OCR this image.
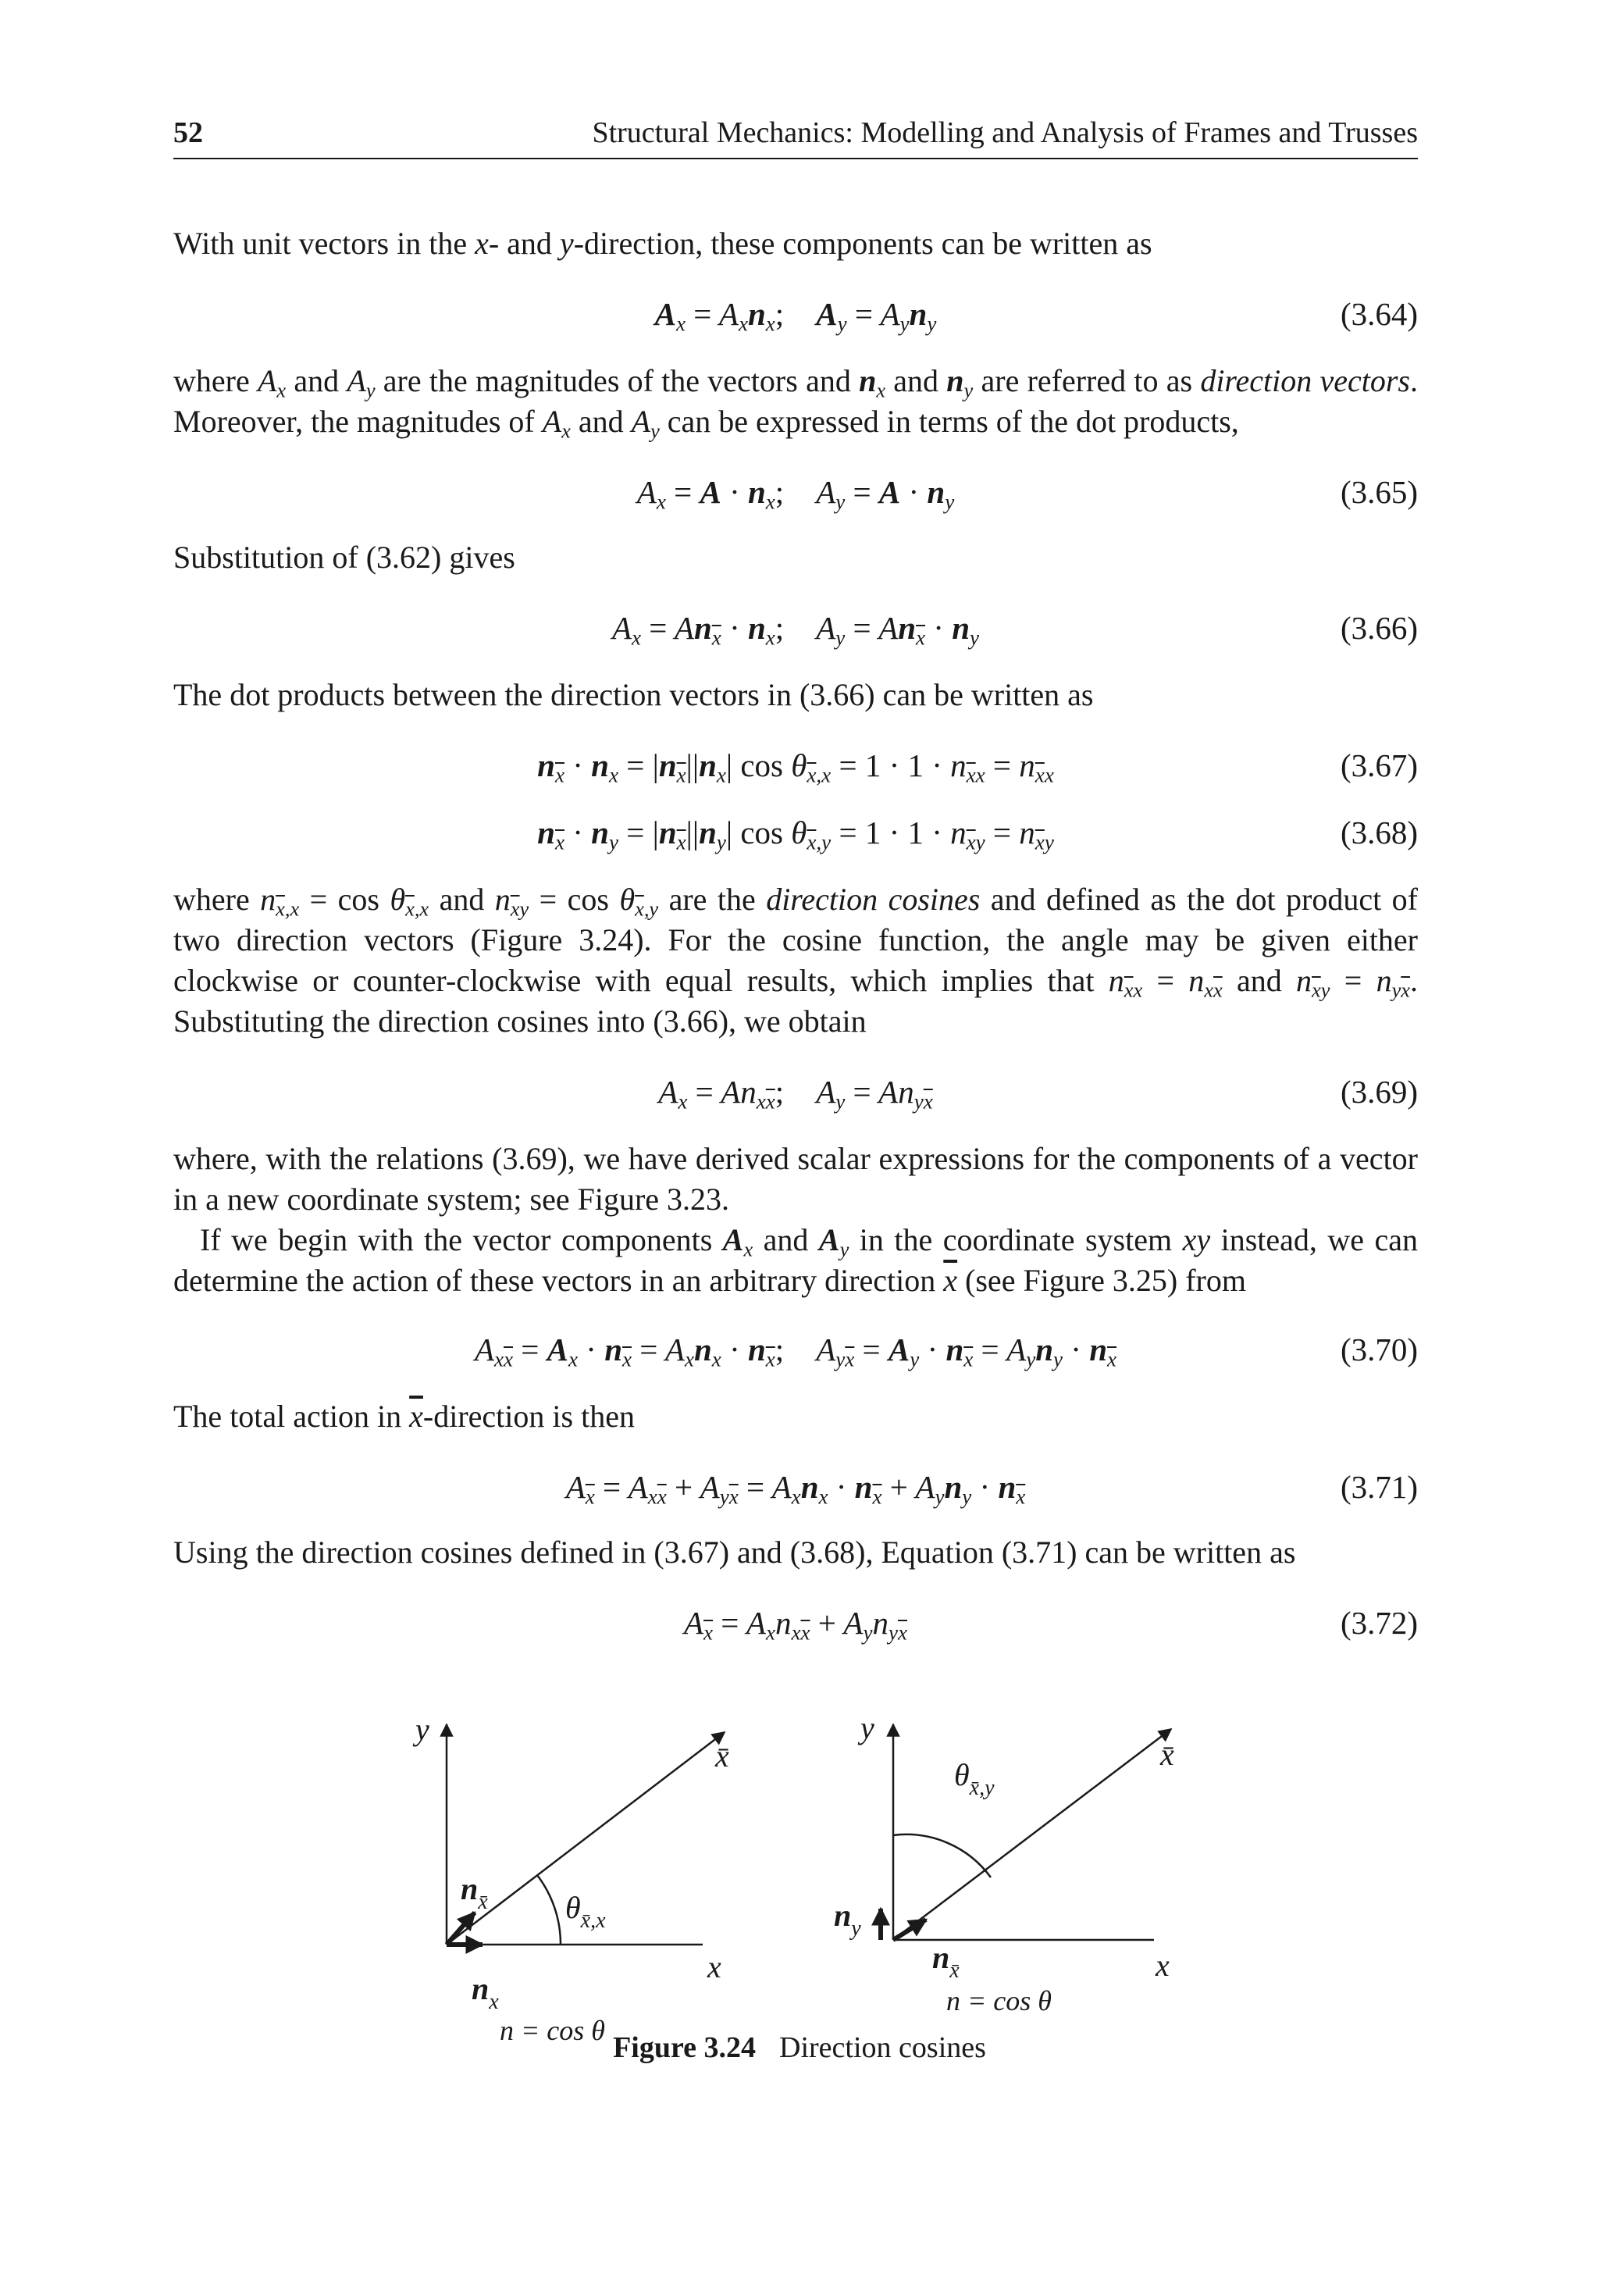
52	Structural Mechanics: Modelling and Analysis of Frames and Trusses

With unit vectors in the x- and y-direction, these components can be written as

$A_x = A_xn_x$; $A_y = A_yn_y$	(3.64)

where $A_x$ and $A_y$ are the magnitudes of the vectors and $n_x$ and $n_y$ are referred to as direction vectors. Moreover, the magnitudes of $A_x$ and $A_y$ can be expressed in terms of the dot products,

$A_x = A \cdot n_x$;    $A_y = A \cdot n_y$	(3.65)

Substitution of (3.62) gives

$A_x = An_{\overline{x}} \cdot n_x$;    $A_y = An_{\overline{x}} \cdot n_y$	(3.66)

The dot products between the direction vectors in (3.66) can be written as

$n_{\overline{x}} \cdot n_x = |n_{\overline{x}}||n_x|$ $\cos \theta_{\overline{x},x} = 1 \cdot 1 \cdot n_{\overline{x}x} = n_{\overline{x}x}$	(3.67)
$n_{\overline{x}} \cdot n_y = |n_{\overline{x}}||n_y|$ $\cos \theta_{\overline{x},y} = 1 \cdot 1 \cdot n_{\overline{x}y} = n_{\overline{x}y}$	(3.68)

where $n_{\overline{x},x} = \cos \theta_{\overline{x},x}$ and $n_{\overline{x}y} = \cos \theta_{\overline{x},y}$ are the direction cosines and defined as the dot product of two direction vectors (Figure 3.24). For the cosine function, the angle may be given either clockwise or counter-clockwise with equal results, which implies that $n_{\overline{x}x} = n_{x\overline{x}}$ and $n_{\overline{x}y} = n_{y\overline{x}}$. Substituting the direction cosines into (3.66), we obtain

$A_x = An_{x\overline{x}}$;    $A_y = An_{y\overline{x}}$	(3.69)

where, with the relations (3.69), we have derived scalar expressions for the components of a vector in a new coordinate system; see Figure 3.23.

If we begin with the vector components $A_x$ and $A_y$ in the coordinate system xy instead, we can determine the action of these vectors in an arbitrary direction $\overline{x}$ (see Figure 3.25) from

$A_{x\overline{x}} = A_x \cdot n_{\overline{x}} = A_xn_x \cdot n_{\overline{x}}$;    $A_{y\overline{x}} = A_y \cdot n_{\overline{x}} = A_yn_y \cdot n_{\overline{x}}$	(3.70)

The total action in $\overline{x}$-direction is then

$A_{\overline{x}} = A_{x\overline{x}} + A_{y\overline{x}} = A_xn_x \cdot n_{\overline{x}} + A_yn_y \cdot n_{\overline{x}}$	(3.71)

Using the direction cosines defined in (3.67) and (3.68), Equation (3.71) can be written as

$A_{\overline{x}} = A_xn_{x\overline{x}} + A_yn_{y\overline{x}}$	(3.72)
y
x̄
x
$n_{x̄}$ $\theta_{x̄,x}$
$n_x$
n = cos θ
y
x̄
x
$\theta_{x̄,y}$
$n_y$
$n_{x̄}$
n = cos θ
Figure 3.24 Direction cosines
